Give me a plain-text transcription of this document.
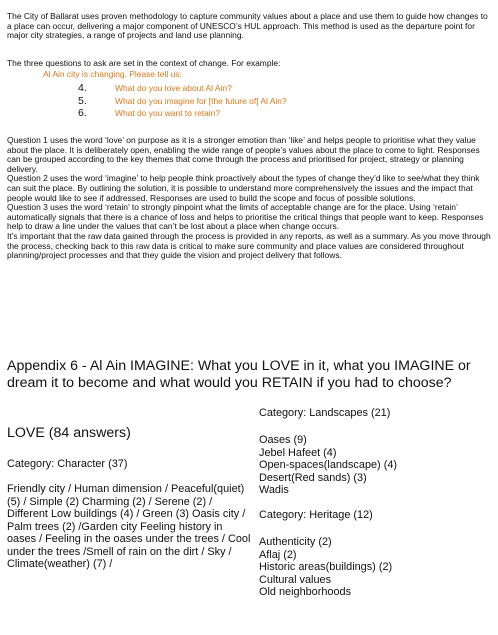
The City of Ballarat uses proven methodology to capture community values about a place and use them to guide how changes to a place can occur, delivering a major component of UNESCO’s HUL approach. This method is used as the departure point for major city strategies, a range of projects and land use planning.

The three questions to ask are set in the context of change. For example:

Al Ain city is changing. Please tell us:

4.	What do you love about Al Ain?
5.	What do you imagine for [the future of] Al Ain?
6.	What do you want to retain?

Question 1 uses the word ‘love’ on purpose as it is a stronger emotion than ‘like’ and helps people to prioritise what they value about the place. It is deliberately open, enabling the wide range of people’s values about the place to come to light. Responses can be grouped according to the key themes that come through the process and prioritised for project, strategy or planning delivery.

Question 2 uses the word ‘imagine’ to help people think proactively about the types of change they’d like to see/what they think can suit the place. By outlining the solution, it is possible to understand more comprehensively the issues and the impact that people would like to see if addressed. Responses are used to build the scope and focus of possible solutions.

Question 3 uses the word ‘retain’ to strongly pinpoint what the limits of acceptable change are for the place. Using ‘retain’ automatically signals that there is a chance of loss and helps to prioritise the critical things that people want to keep. Responses help to draw a line under the values that can’t be lost about a place when change occurs.

It’s important that the raw data gained through the process is provided in any reports, as well as a summary. As you move through the process, checking back to this raw data is critical to make sure community and place values are considered throughout planning/project processes and that they guide the vision and project delivery that follows.

Appendix 6 - Al Ain IMAGINE: What you LOVE in it, what you IMAGINE or dream it to become and what would you RETAIN if you had to choose?
LOVE (84 answers)
Category: Character (37)

Friendly city / Human dimension / Peaceful(quiet) (5) / Simple (2) Charming (2) / Serene (2) / Different Low buildings (4) / Green (3) Oasis city / Palm trees (2) /Garden city Feeling history in oases / Feeling in the oases under the trees / Cool under the trees /Smell of rain on the dirt / Sky / Climate(weather) (7) /

Category: Landscapes (21)

Oases (9)

Jebel Hafeet (4)

Open-spaces(landscape) (4)

Desert(Red sands) (3)

Wadis

Category: Heritage (12)

Authenticity (2)

Aflaj (2)

Historic areas(buildings) (2)

Cultural values

Old neighborhoods
